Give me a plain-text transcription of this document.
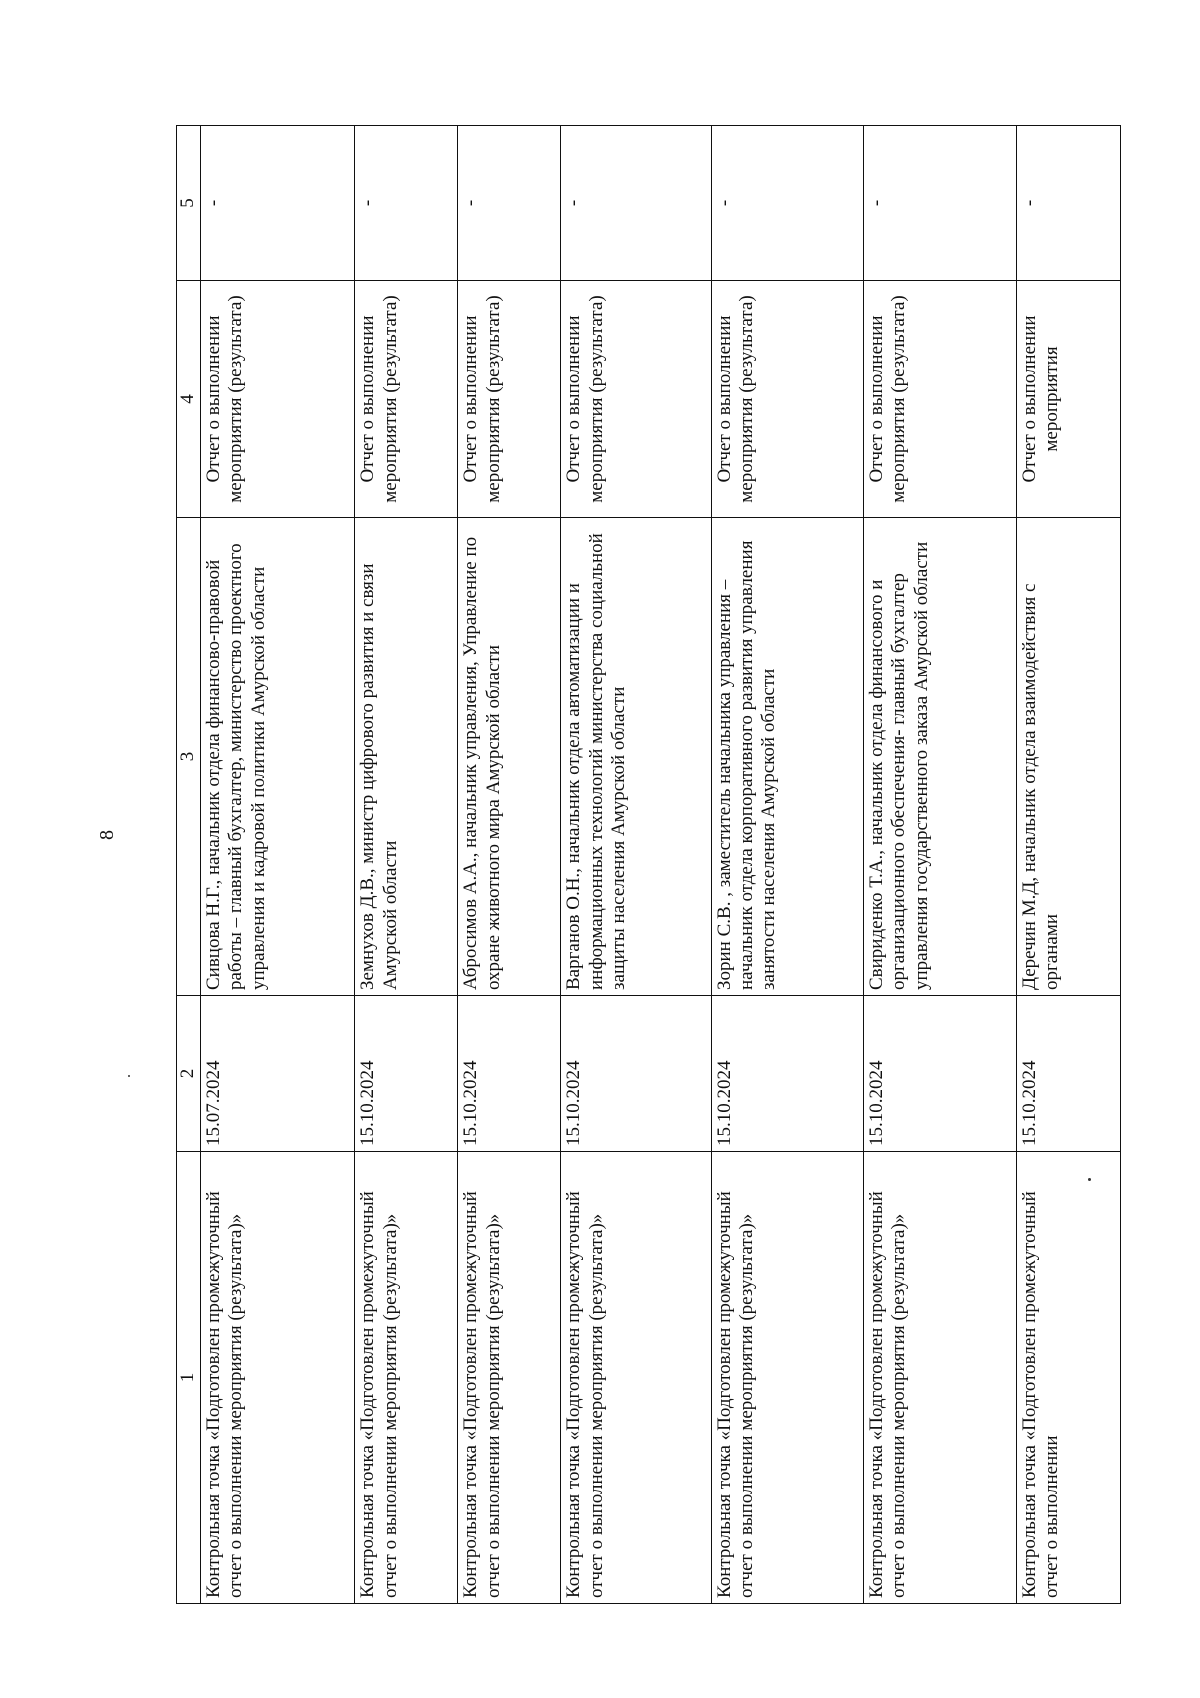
8
1	2	3	4	5
Контрольная точка «Подготовлен промежуточный отчет о выполнении мероприятия (результата)»	15.07.2024	Сивцова Н.Г., начальник отдела финансово-правовой работы – главный бухгалтер, министерство проектного управления и кадровой политики Амурской области	Отчет о выполнении мероприятия (результата)	-
Контрольная точка «Подготовлен промежуточный отчет о выполнении мероприятия (результата)»	15.10.2024	Земнухов Д.В., министр цифрового развития и связи Амурской области	Отчет о выполнении мероприятия (результата)	-
Контрольная точка «Подготовлен промежуточный отчет о выполнении мероприятия (результата)»	15.10.2024	Абросимов А.А., начальник управления, Управление по охране животного мира Амурской области	Отчет о выполнении мероприятия (результата)	-
Контрольная точка «Подготовлен промежуточный отчет о выполнении мероприятия (результата)»	15.10.2024	Варганов О.Н., начальник отдела автоматизации и информационных технологий министерства социальной защиты населения Амурской области	Отчет о выполнении мероприятия (результата)	-
Контрольная точка «Подготовлен промежуточный отчет о выполнении мероприятия (результата)»	15.10.2024	Зорин С.В. , заместитель начальника управления – начальник отдела корпоративного развития управления занятости населения Амурской области	Отчет о выполнении мероприятия (результата)	-
Контрольная точка «Подготовлен промежуточный отчет о выполнении мероприятия (результата)»	15.10.2024	Свириденко Т.А., начальник отдела финансового и организационного обеспечения- главный бухгалтер управления государственного заказа Амурской области	Отчет о выполнении мероприятия (результата)	-
Контрольная точка «Подготовлен промежуточный отчет о выполнении	15.10.2024	Деречин М.Д, начальник отдела взаимодействия с органами	Отчет о выполнении мероприятия	-
